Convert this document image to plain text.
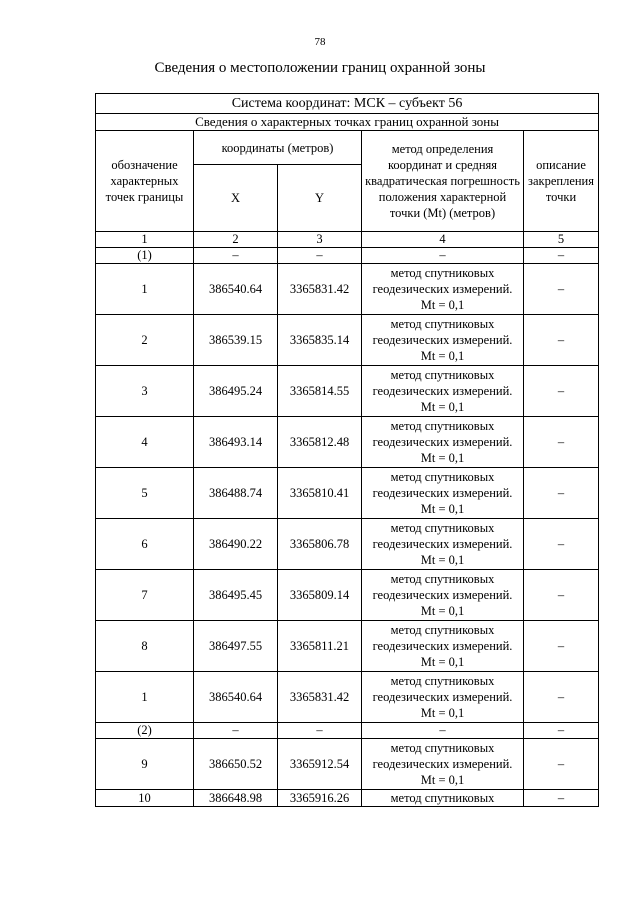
78
Сведения о местоположении границ охранной зоны
Система координат: МСК – субъект 56				
Сведения о характерных точках границ охранной зоны				
обозначение характерных точек границы	координаты (метров)		метод определения координат и средняя квадратическая погрешность положения характерной точки (Mt) (метров)	описание закрепления точки
	X	Y		
1	2	3	4	5
(1)	–	–	–	–
1	386540.64	3365831.42	метод спутниковых геодезических измерений. Mt = 0,1	–
2	386539.15	3365835.14	метод спутниковых геодезических измерений. Mt = 0,1	–
3	386495.24	3365814.55	метод спутниковых геодезических измерений. Mt = 0,1	–
4	386493.14	3365812.48	метод спутниковых геодезических измерений. Mt = 0,1	–
5	386488.74	3365810.41	метод спутниковых геодезических измерений. Mt = 0,1	–
6	386490.22	3365806.78	метод спутниковых геодезических измерений. Mt = 0,1	–
7	386495.45	3365809.14	метод спутниковых геодезических измерений. Mt = 0,1	–
8	386497.55	3365811.21	метод спутниковых геодезических измерений. Mt = 0,1	–
1	386540.64	3365831.42	метод спутниковых геодезических измерений. Mt = 0,1	–
(2)	–	–	–	–
9	386650.52	3365912.54	метод спутниковых геодезических измерений. Mt = 0,1	–
10	386648.98	3365916.26	метод спутниковых	–
